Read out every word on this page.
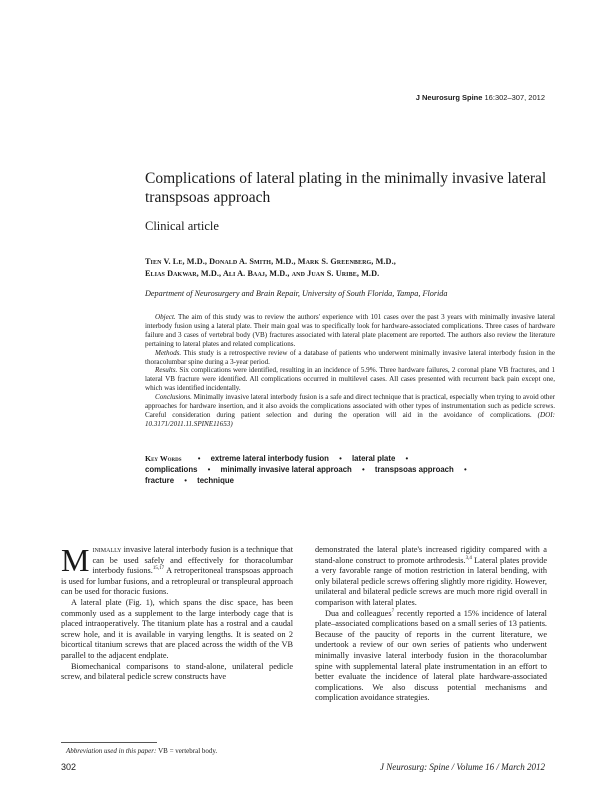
J Neurosurg Spine 16:302–307, 2012
Complications of lateral plating in the minimally invasive lateral transpsoas approach
Clinical article
Tien V. Le, M.D., Donald A. Smith, M.D., Mark S. Greenberg, M.D.,
Elias Dakwar, M.D., Ali A. Baaj, M.D., and Juan S. Uribe, M.D.
Department of Neurosurgery and Brain Repair, University of South Florida, Tampa, Florida

Object. The aim of this study was to review the authors' experience with 101 cases over the past 3 years with minimally invasive lateral interbody fusion using a lateral plate. Their main goal was to specifically look for hardware-associated complications. Three cases of hardware failure and 3 cases of vertebral body (VB) fractures associated with lateral plate placement are reported. The authors also review the literature pertaining to lateral plates and related complications.

Methods. This study is a retrospective review of a database of patients who underwent minimally invasive lateral interbody fusion in the thoracolumbar spine during a 3-year period.

Results. Six complications were identified, resulting in an incidence of 5.9%. Three hardware failures, 2 coronal plane VB fractures, and 1 lateral VB fracture were identified. All complications occurred in multilevel cases. All cases presented with recurrent back pain except one, which was identified incidentally.

Conclusions. Minimally invasive lateral interbody fusion is a safe and direct technique that is practical, especially when trying to avoid other approaches for hardware insertion, and it also avoids the complications associated with other types of instrumentation such as pedicle screws. Careful consideration during patient selection and during the operation will aid in the avoidance of complications. (DOI: 10.3171/2011.11.SPINE11653)

Key Words • extreme lateral interbody fusion • lateral plate •
complications • minimally invasive lateral approach • transpsoas approach •
fracture • technique

Minimally invasive lateral interbody fusion is a technique that can be used safely and effectively for thoracolumbar interbody fusions.$^{15,17}$ A retroperitoneal transpsoas approach is used for lumbar fusions, and a retropleural or transpleural approach can be used for thoracic fusions.

A lateral plate (Fig. 1), which spans the disc space, has been commonly used as a supplement to the large interbody cage that is placed intraoperatively. The titanium plate has a rostral and a caudal screw hole, and it is available in varying lengths. It is seated on 2 bicortical titanium screws that are placed across the width of the VB parallel to the adjacent endplate.

Biomechanical comparisons to stand-alone, unilateral pedicle screw, and bilateral pedicle screw constructs have

demonstrated the lateral plate's increased rigidity compared with a stand-alone construct to promote arthrodesis.$^{3,4}$ Lateral plates provide a very favorable range of motion restriction in lateral bending, with only bilateral pedicle screws offering slightly more rigidity. However, unilateral and bilateral pedicle screws are much more rigid overall in comparison with lateral plates.

Dua and colleagues$^7$ recently reported a 15% incidence of lateral plate–associated complications based on a small series of 13 patients. Because of the paucity of reports in the current literature, we undertook a review of our own series of patients who underwent minimally invasive lateral interbody fusion in the thoracolumbar spine with supplemental lateral plate instrumentation in an effort to better evaluate the incidence of lateral plate hardware-associated complications. We also discuss potential mechanisms and complication avoidance strategies.

Abbreviation used in this paper: VB = vertebral body.
302	J Neurosurg: Spine / Volume 16 / March 2012
